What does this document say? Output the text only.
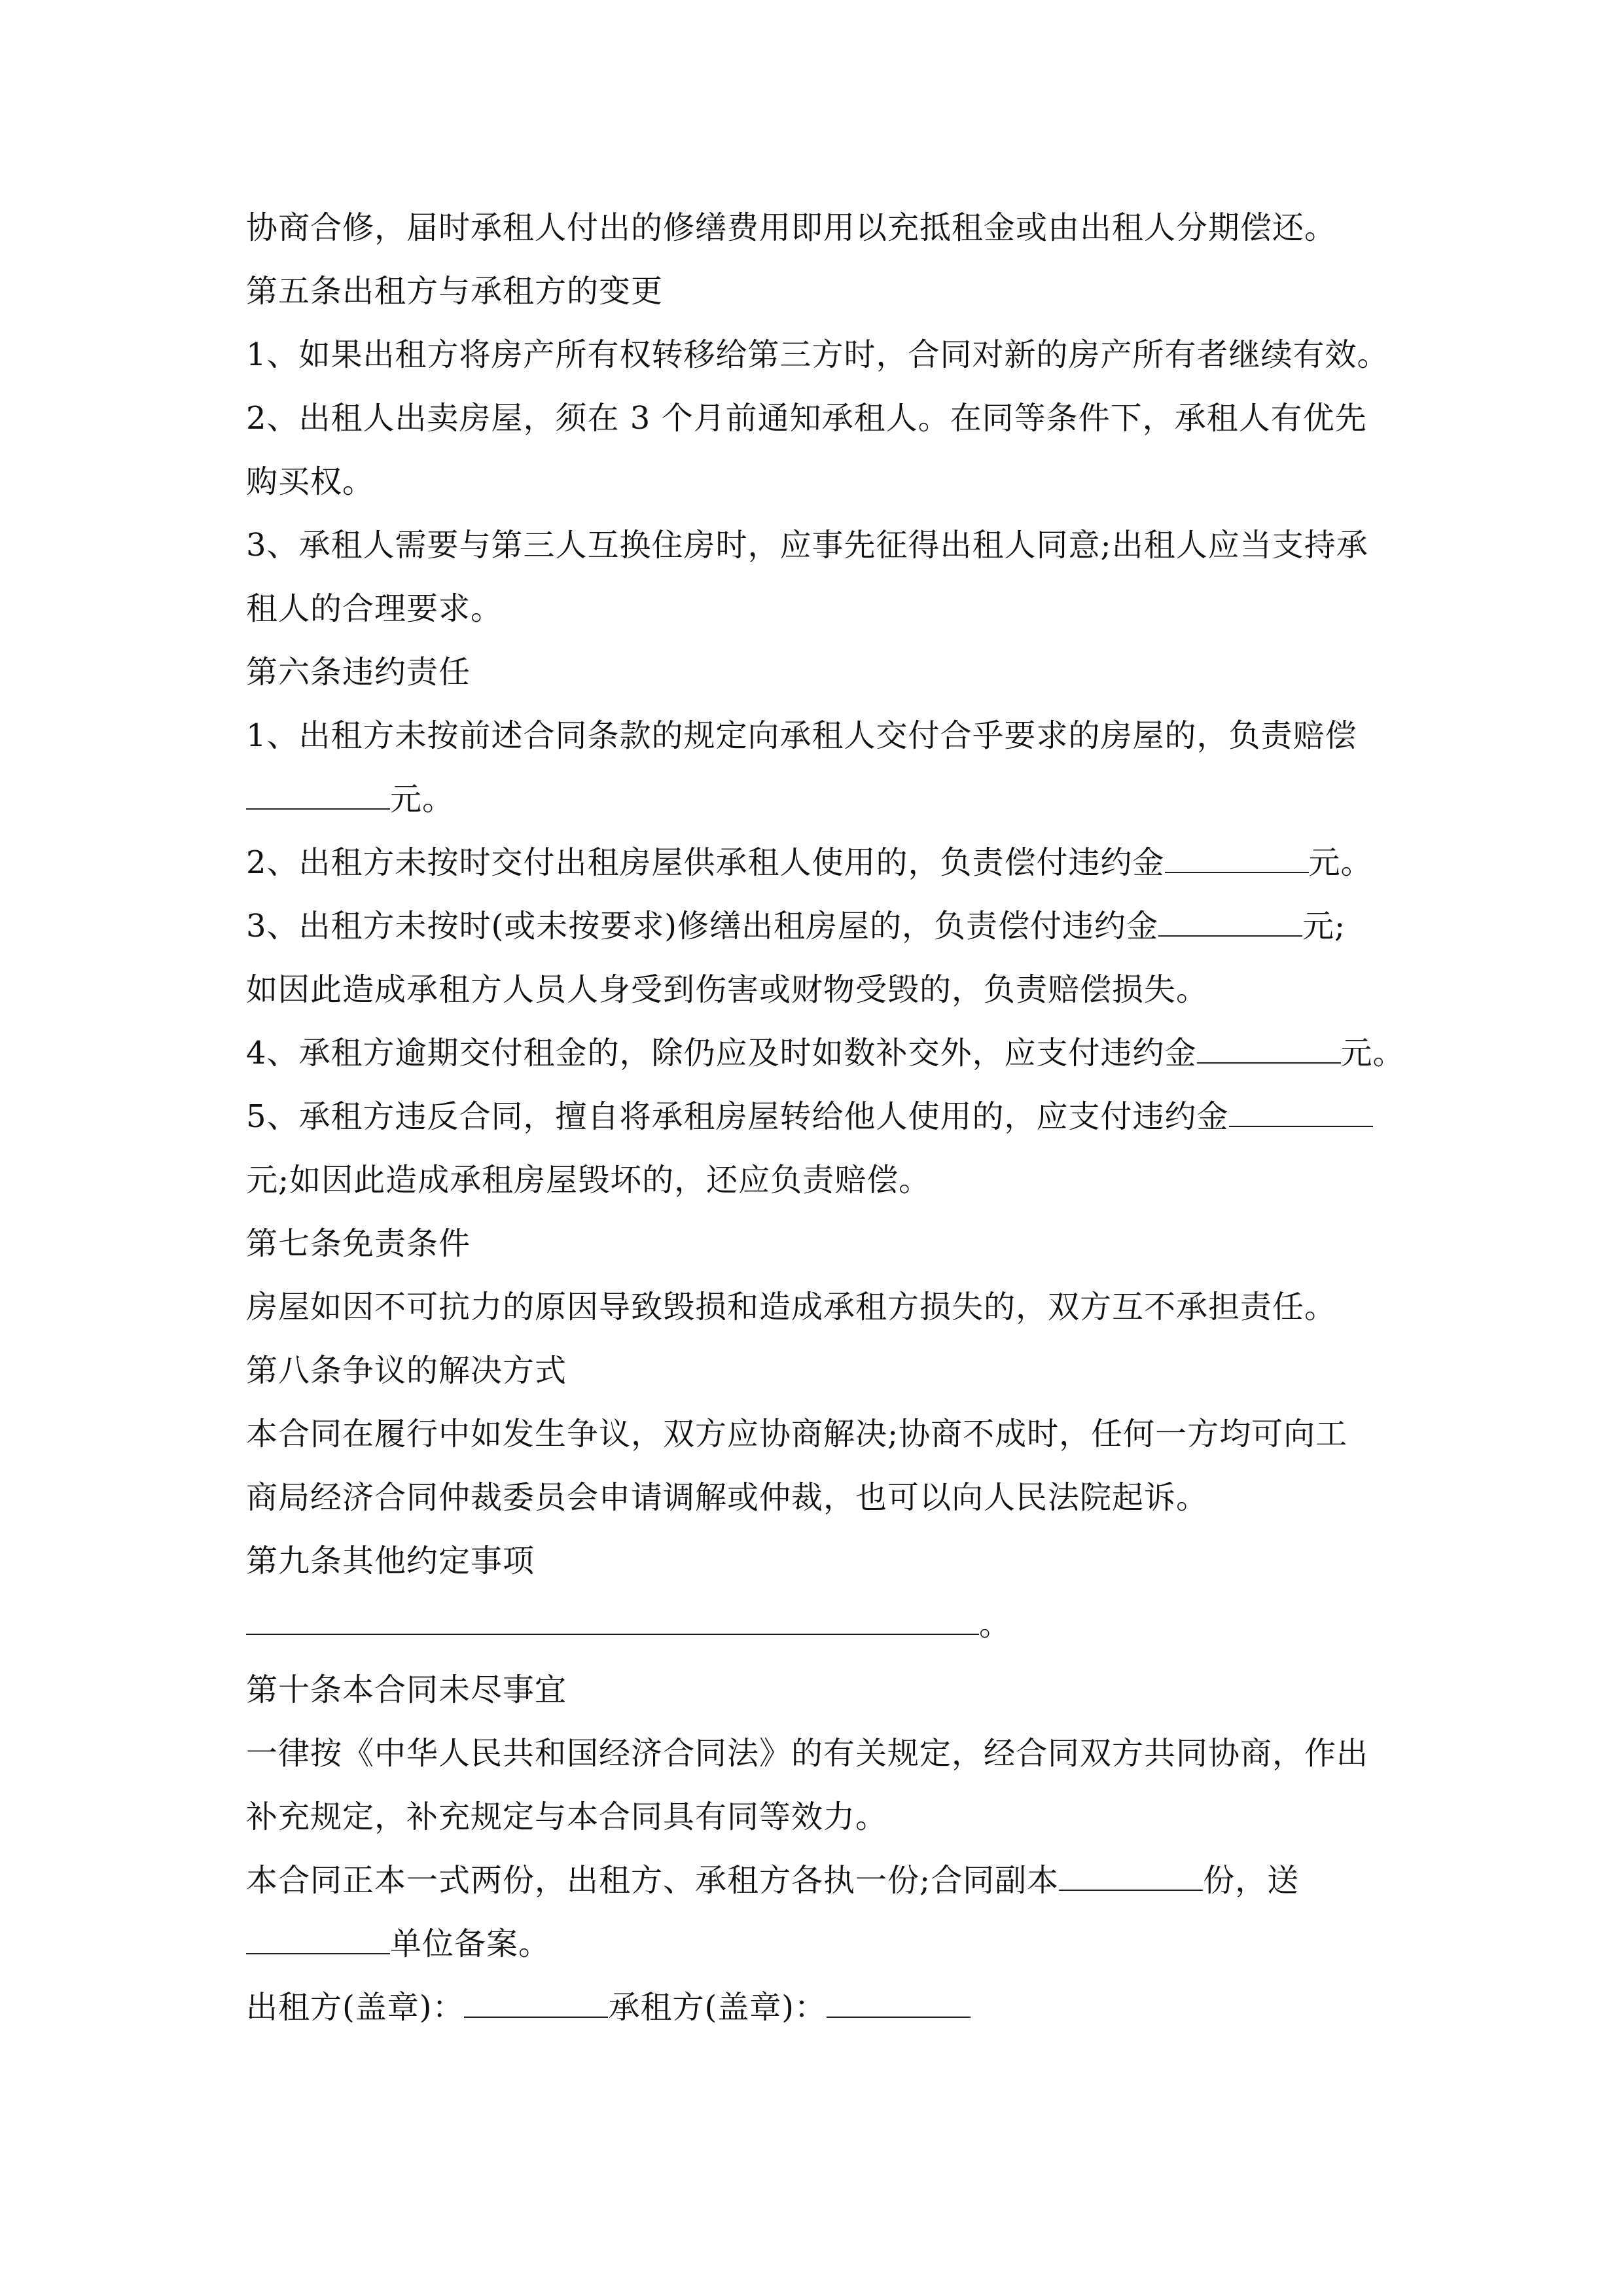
协商合修，届时承租人付出的修缮费用即用以充抵租金或由出租人分期偿还。
第五条出租方与承租方的变更
1、如果出租方将房产所有权转移给第三方时，合同对新的房产所有者继续有效。
2、出租人出卖房屋，须在 3 个月前通知承租人。在同等条件下，承租人有优先
购买权。
3、承租人需要与第三人互换住房时，应事先征得出租人同意;出租人应当支持承
租人的合理要求。
第六条违约责任
1、出租方未按前述合同条款的规定向承租人交付合乎要求的房屋的，负责赔偿
元。
2、出租方未按时交付出租房屋供承租人使用的，负责偿付违约金	元。
3、出租方未按时(或未按要求)修缮出租房屋的，负责偿付违约金	元;
如因此造成承租方人员人身受到伤害或财物受毁的，负责赔偿损失。
4、承租方逾期交付租金的，除仍应及时如数补交外，应支付违约金	元。
5、承租方违反合同，擅自将承租房屋转给他人使用的，应支付违约金
元;如因此造成承租房屋毁坏的，还应负责赔偿。
第七条免责条件
房屋如因不可抗力的原因导致毁损和造成承租方损失的，双方互不承担责任。
第八条争议的解决方式
本合同在履行中如发生争议，双方应协商解决;协商不成时，任何一方均可向工
商局经济合同仲裁委员会申请调解或仲裁，也可以向人民法院起诉。
第九条其他约定事项
。
第十条本合同未尽事宜
一律按《中华人民共和国经济合同法》的有关规定，经合同双方共同协商，作出
补充规定，补充规定与本合同具有同等效力。
本合同正本一式两份，出租方、承租方各执一份;合同副本	份，送
单位备案。
出租方(盖章)：	承租方(盖章)：
